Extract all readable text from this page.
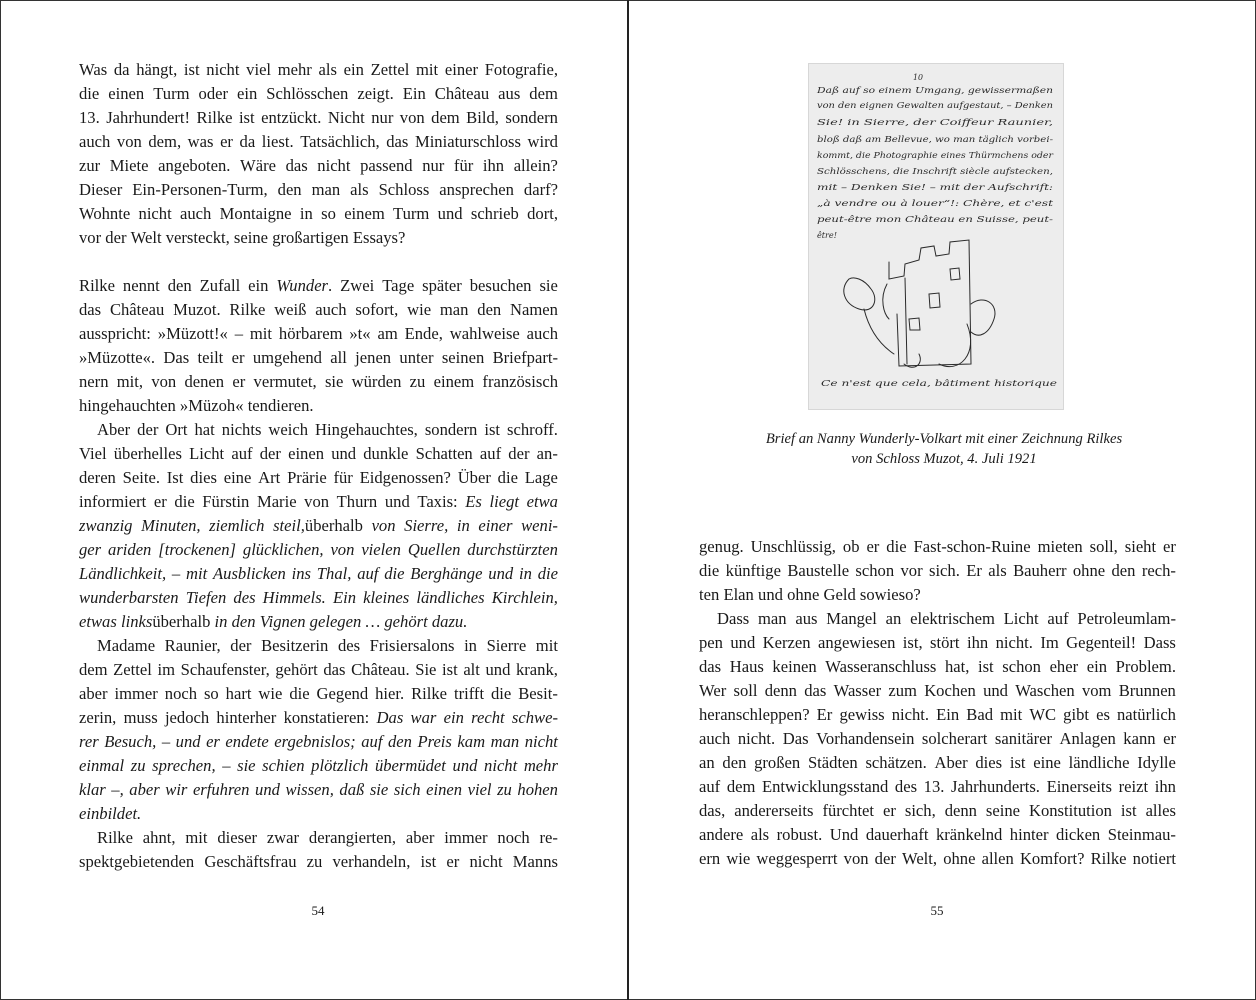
Was da hängt, ist nicht viel mehr als ein Zettel mit einer Fotografie,
die einen Turm oder ein Schlösschen zeigt. Ein Château aus dem
13. Jahrhundert! Rilke ist entzückt. Nicht nur von dem Bild, sondern
auch von dem, was er da liest. Tatsächlich, das Miniaturschloss wird
zur Miete angeboten. Wäre das nicht passend nur für ihn allein?
Dieser Ein-Personen-Turm, den man als Schloss ansprechen darf?
Wohnte nicht auch Montaigne in so einem Turm und schrieb dort,
vor der Welt versteckt, seine großartigen Essays?
Rilke nennt den Zufall ein Wunder. Zwei Tage später besuchen sie
das Château Muzot. Rilke weiß auch sofort, wie man den Namen
ausspricht: »Müzott!« – mit hörbarem »t« am Ende, wahlweise auch
»Müzotte«. Das teilt er umgehend all jenen unter seinen Briefpart-
nern mit, von denen er vermutet, sie würden zu einem französisch
hingehauchten »Müzoh« tendieren.
Aber der Ort hat nichts weich Hingehauchtes, sondern ist schroff.
Viel überhelles Licht auf der einen und dunkle Schatten auf der an-
deren Seite. Ist dies eine Art Prärie für Eidgenossen? Über die Lage
informiert er die Fürstin Marie von Thurn und Taxis: Es liegt etwa
zwanzig Minuten, ziemlich steil,überhalb von Sierre, in einer weni-
ger ariden [trockenen] glücklichen, von vielen Quellen durchstürzten
Ländlichkeit, – mit Ausblicken ins Thal, auf die Berghänge und in die
wunderbarsten Tiefen des Himmels. Ein kleines ländliches Kirchlein,
etwas linksüberhalb in den Vignen gelegen … gehört dazu.
Madame Raunier, der Besitzerin des Frisiersalons in Sierre mit
dem Zettel im Schaufenster, gehört das Château. Sie ist alt und krank,
aber immer noch so hart wie die Gegend hier. Rilke trifft die Besit-
zerin, muss jedoch hinterher konstatieren: Das war ein recht schwe-
rer Besuch, – und er endete ergebnislos; auf den Preis kam man nicht
einmal zu sprechen, – sie schien plötzlich übermüdet und nicht mehr
klar –, aber wir erfuhren und wissen, daß sie sich einen viel zu hohen
einbildet.
Rilke ahnt, mit dieser zwar derangierten, aber immer noch re-
spektgebietenden Geschäftsfrau zu verhandeln, ist er nicht Manns
54
10
Daß auf so einem Umgang, gewissermaßen
von den eignen Gewalten aufgestaut, – Denken
Sie! in Sierre, der Coiffeur Raunier,
bloß daß am Bellevue, wo man täglich vorbei-
kommt, die Photographie eines Thürmchens oder
Schlösschens, die Inschrift siècle aufstecken,
mit – Denken Sie! – mit der Aufschrift:
„à vendre ou à louer“!: Chère, et c'est
peut-être mon Château en Suisse, peut-
être!
Ce n'est que cela, bâtiment historique
Brief an Nanny Wunderly-Volkart mit einer Zeichnung Rilkes
von Schloss Muzot, 4. Juli 1921
genug. Unschlüssig, ob er die Fast-schon-Ruine mieten soll, sieht er
die künftige Baustelle schon vor sich. Er als Bauherr ohne den rech-
ten Elan und ohne Geld sowieso?
Dass man aus Mangel an elektrischem Licht auf Petroleumlam-
pen und Kerzen angewiesen ist, stört ihn nicht. Im Gegenteil! Dass
das Haus keinen Wasseranschluss hat, ist schon eher ein Problem.
Wer soll denn das Wasser zum Kochen und Waschen vom Brunnen
heranschleppen? Er gewiss nicht. Ein Bad mit WC gibt es natürlich
auch nicht. Das Vorhandensein solcherart sanitärer Anlagen kann er
an den großen Städten schätzen. Aber dies ist eine ländliche Idylle
auf dem Entwicklungsstand des 13. Jahrhunderts. Einerseits reizt ihn
das, andererseits fürchtet er sich, denn seine Konstitution ist alles
andere als robust. Und dauerhaft kränkelnd hinter dicken Steinmau-
ern wie weggesperrt von der Welt, ohne allen Komfort? Rilke notiert
55
